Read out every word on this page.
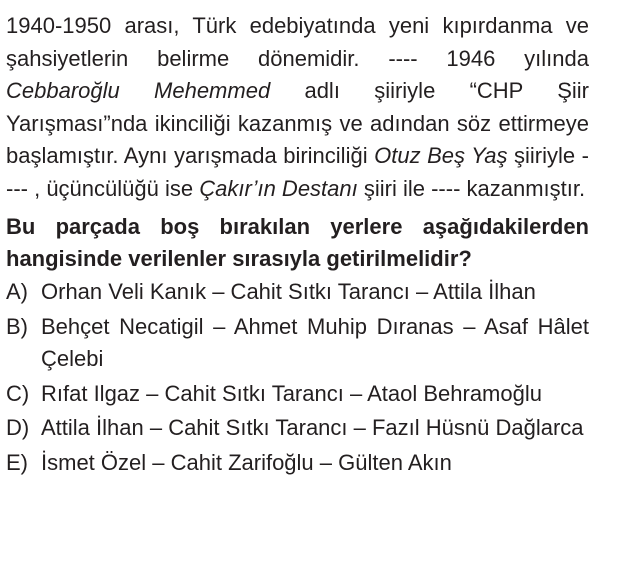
1940-1950 arası, Türk edebiyatında yeni kıpırdanma ve şahsiyetlerin belirme dönemidir. ---- 1946 yılında Cebbaroğlu Mehemmed adlı şiiriyle “CHP Şiir Yarışması”nda ikinciliği kazanmış ve adından söz ettirmeye başlamıştır. Aynı yarışmada birinciliği Otuz Beş Yaş şiiriyle ---- , üçüncülüğü ise Çakır’ın Destanı şiiri ile ---- kazanmıştır.

Bu parçada boş bırakılan yerlere aşağıdakilerden hangisinde verilenler sırasıyla getirilmelidir?

A) Orhan Veli Kanık – Cahit Sıtkı Tarancı – Attila İlhan
B) Behçet Necatigil – Ahmet Muhip Dıranas – Asaf Hâlet Çelebi
C) Rıfat Ilgaz – Cahit Sıtkı Tarancı – Ataol Behramoğlu
D) Attila İlhan – Cahit Sıtkı Tarancı – Fazıl Hüsnü Dağlarca
E) İsmet Özel – Cahit Zarifoğlu – Gülten Akın
